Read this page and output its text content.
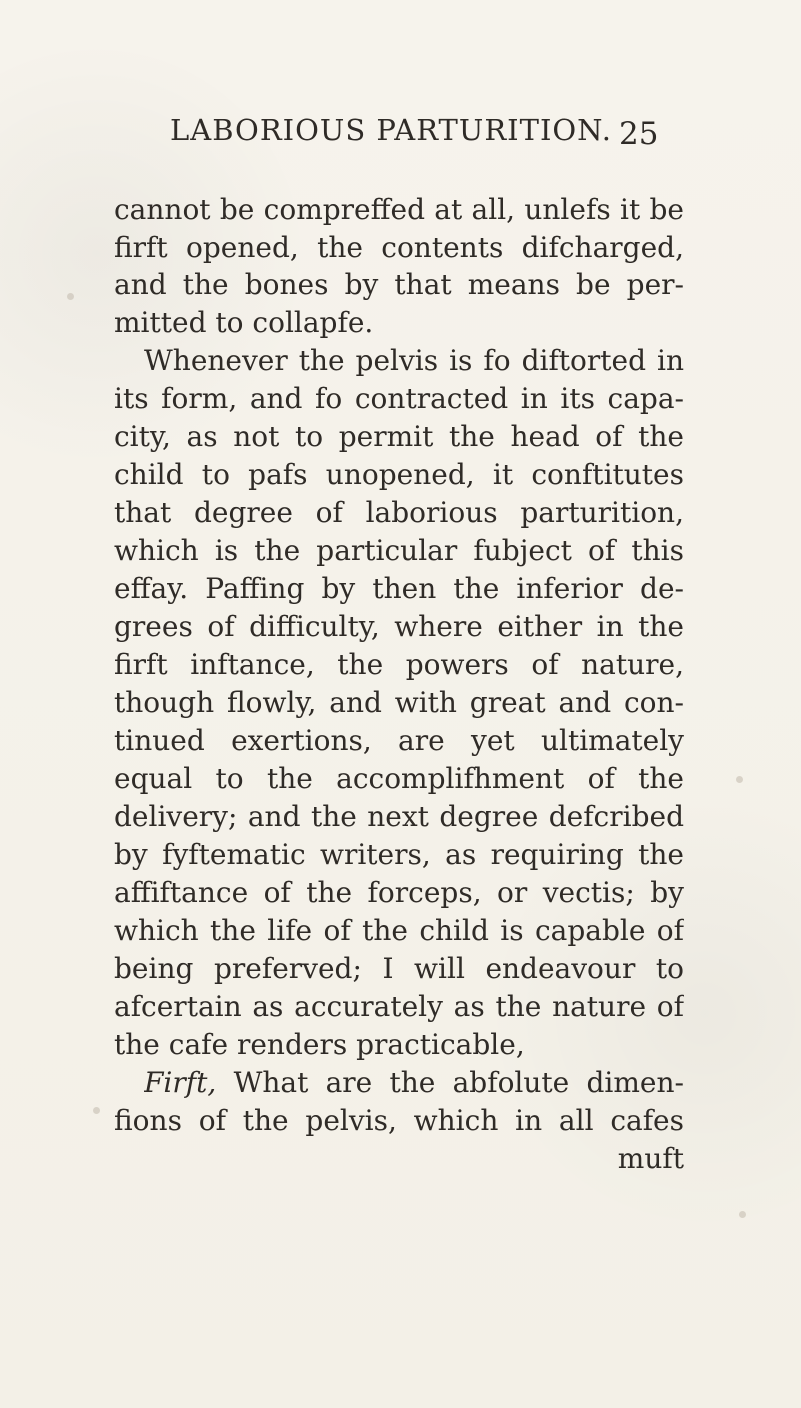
LABORIOUS PARTURITION. 25
cannot be compreffed at all, unlefs it be
firft opened, the contents difcharged,
and the bones by that means be per-
mitted to collapfe.
Whenever the pelvis is fo diftorted in
its form, and fo contracted in its capa-
city, as not to permit the head of the
child to pafs unopened, it conftitutes
that degree of laborious parturition,
which is the particular fubject of this
effay. Paffing by then the inferior de-
grees of difficulty, where either in the
firft inftance, the powers of nature,
though flowly, and with great and con-
tinued exertions, are yet ultimately
equal to the accomplifhment of the
delivery; and the next degree defcribed
by fyftematic writers, as requiring the
affiftance of the forceps, or vectis; by
which the life of the child is capable of
being preferved; I will endeavour to
afcertain as accurately as the nature of
the cafe renders practicable,
Firft, What are the abfolute dimen-
fions of the pelvis, which in all cafes
muft
